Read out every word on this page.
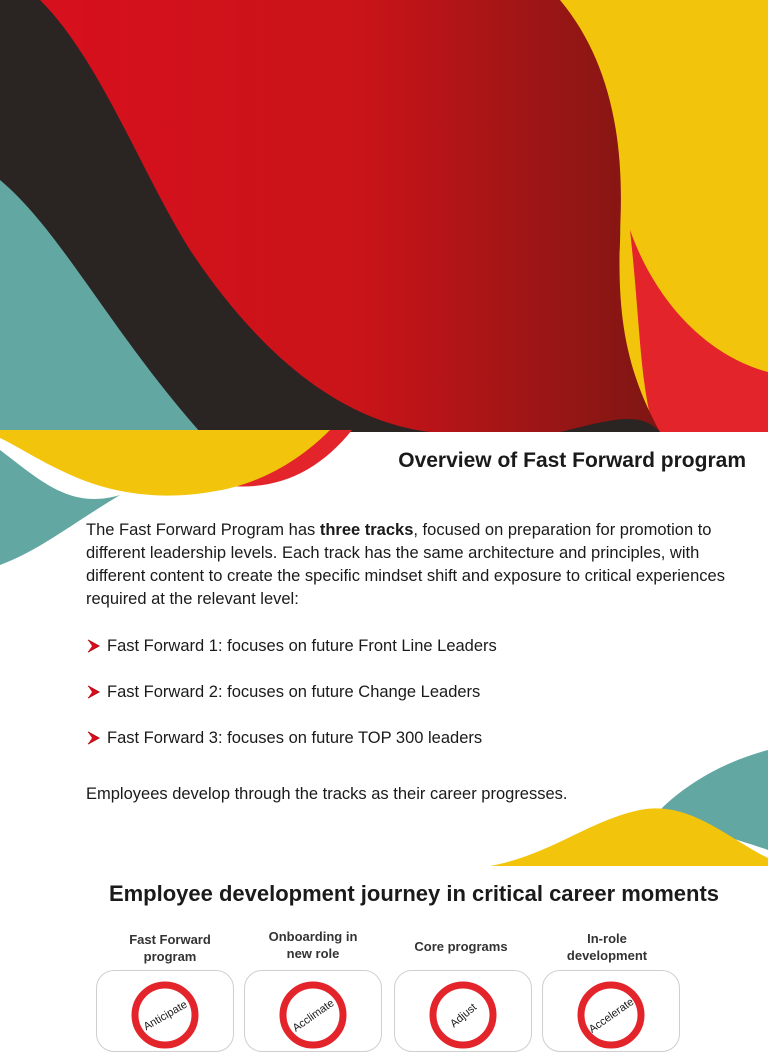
Overview of Fast Forward program

The Fast Forward Program has three tracks, focused on preparation for promotion to different leadership levels. Each track has the same architecture and principles, with different content to create the specific mindset shift and exposure to critical experiences required at the relevant level:

Fast Forward 1: focuses on future Front Line Leaders
Fast Forward 2: focuses on future Change Leaders
Fast Forward 3: focuses on future TOP 300 leaders

Employees develop through the tracks as their career progresses.

Employee development journey in critical career moments
Fast Forward
program
Anticipate
Onboarding in
new role
Acclimate
Core programs
Adjust
In-role
development
Accelerate
